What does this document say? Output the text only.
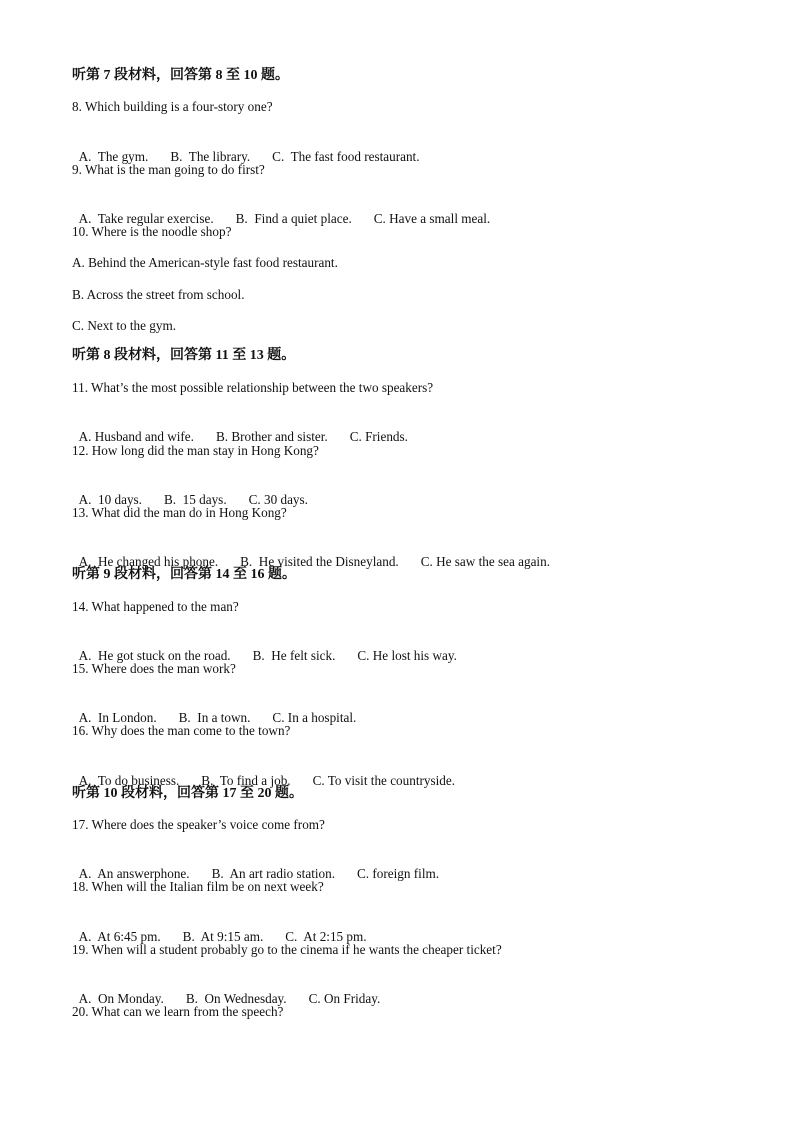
听第 7 段材料，回答第 8 至 10 题。
8. Which building is a four-story one?

A.  The gym. B.  The library. C.  The fast food restaurant.

9. What is the man going to do first?

A.  Take regular exercise. B.  Find a quiet place. C. Have a small meal.

10. Where is the noodle shop?
A. Behind the American-style fast food restaurant.
B. Across the street from school.
C. Next to the gym.
听第 8 段材料，回答第 11 至 13 题。
11. What’s the most possible relationship between the two speakers?

A. Husband and wife. B. Brother and sister. C. Friends.

12. How long did the man stay in Hong Kong?

A.  10 days. B.  15 days. C. 30 days.

13. What did the man do in Hong Kong?

A.  He changed his phone. B.  He visited the Disneyland. C. He saw the sea again.

听第 9 段材料，回答第 14 至 16 题。
14. What happened to the man?

A.  He got stuck on the road. B.  He felt sick. C. He lost his way.

15. Where does the man work?

A.  In London. B.  In a town. C. In a hospital.

16. Why does the man come to the town?

A.  To do business. B.  To find a job. C. To visit the countryside.

听第 10 段材料，回答第 17 至 20 题。
17. Where does the speaker’s voice come from?

A.  An answerphone. B.  An art radio station. C. foreign film.

18. When will the Italian film be on next week?

A.  At 6:45 pm. B.  At 9:15 am. C.  At 2:15 pm.

19. When will a student probably go to the cinema if he wants the cheaper ticket?

A.  On Monday. B.  On Wednesday. C. On Friday.

20. What can we learn from the speech?
